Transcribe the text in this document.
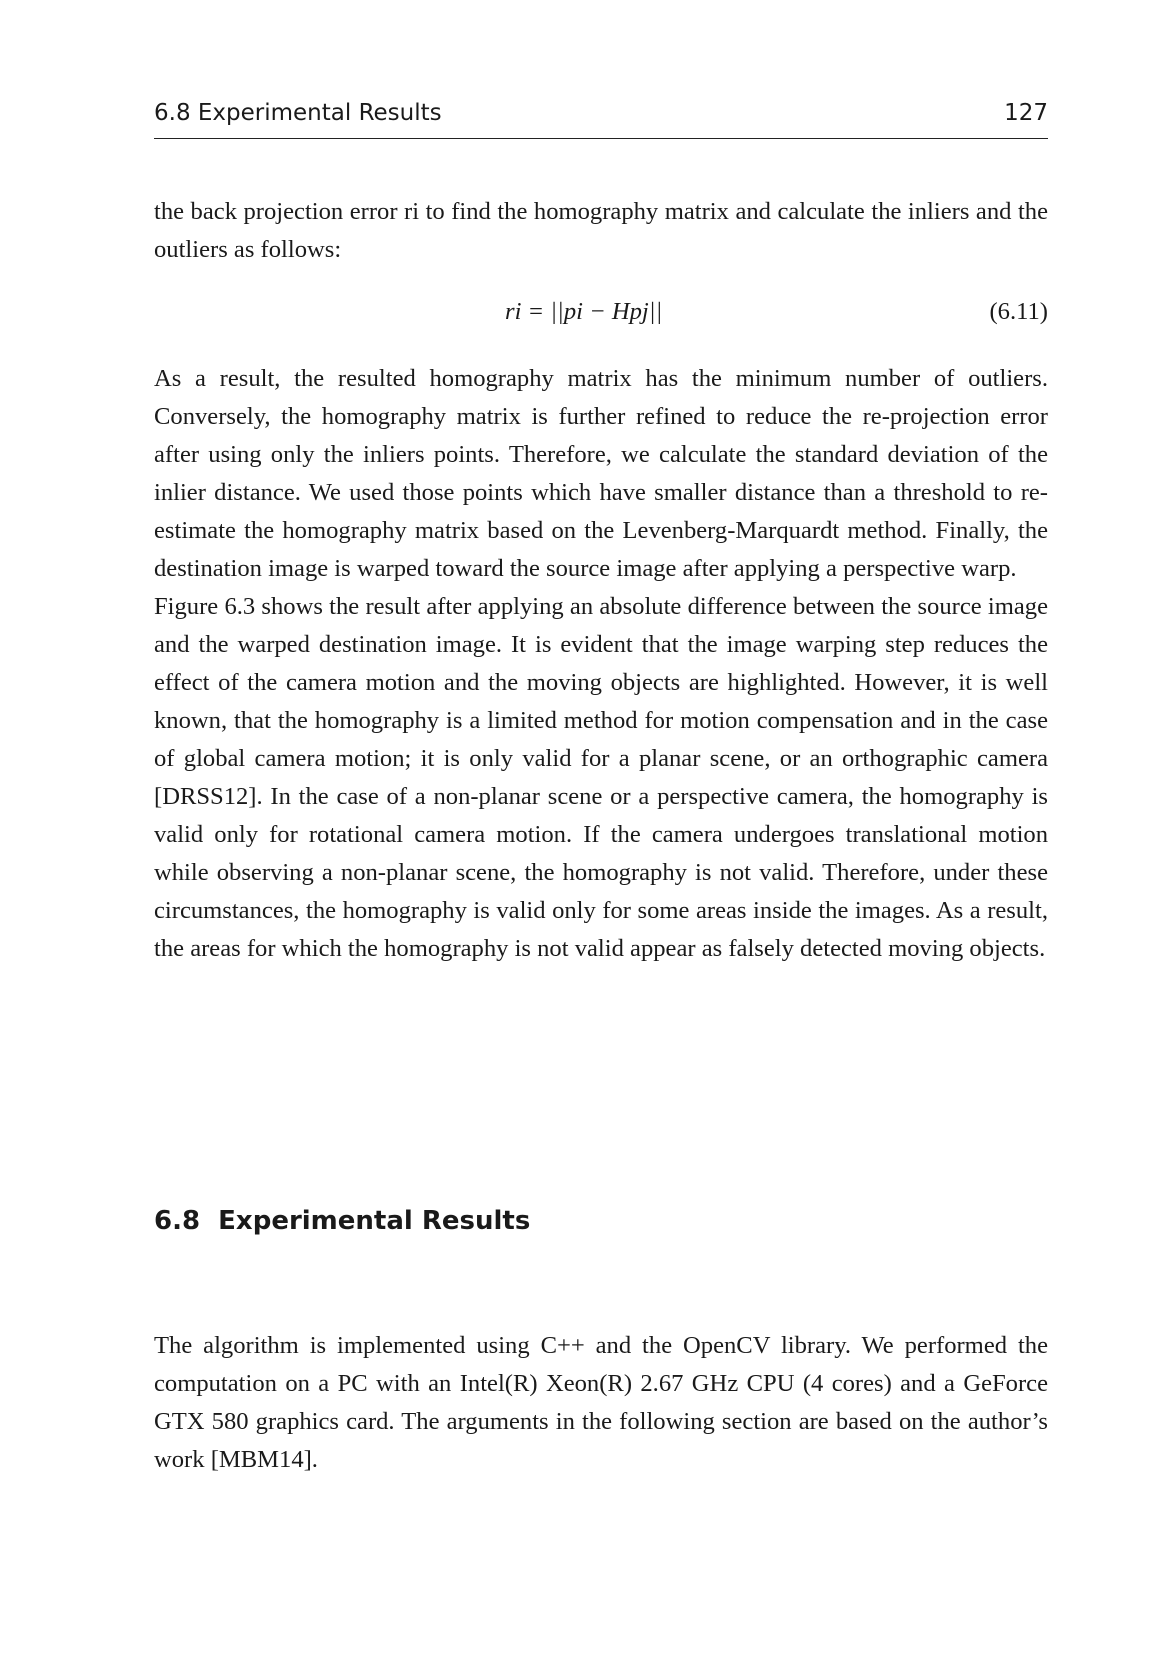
6.8 Experimental Results	127

the back projection error ri to find the homography matrix and calculate the inliers and the outliers as follows:

ri = ||pi − Hpj||	(6.11)

As a result, the resulted homography matrix has the minimum number of outliers. Conversely, the homography matrix is further refined to reduce the re-projection error after using only the inliers points. Therefore, we calculate the standard deviation of the inlier distance. We used those points which have smaller distance than a threshold to re-estimate the homography matrix based on the Levenberg-Marquardt method. Finally, the destination image is warped toward the source image after applying a perspective warp.

Figure 6.3 shows the result after applying an absolute difference between the source image and the warped destination image. It is evident that the image warping step reduces the effect of the camera motion and the moving objects are highlighted. However, it is well known, that the homography is a limited method for motion compensation and in the case of global camera motion; it is only valid for a planar scene, or an orthographic camera [DRSS12]. In the case of a non-planar scene or a perspective camera, the homography is valid only for rotational camera motion. If the camera undergoes translational motion while observing a non-planar scene, the homography is not valid. Therefore, under these circumstances, the homography is valid only for some areas inside the images. As a result, the areas for which the homography is not valid appear as falsely detected moving objects.

6.8 Experimental Results

The algorithm is implemented using C++ and the OpenCV library. We performed the computation on a PC with an Intel(R) Xeon(R) 2.67 GHz CPU (4 cores) and a GeForce GTX 580 graphics card. The arguments in the following section are based on the author’s work [MBM14].
